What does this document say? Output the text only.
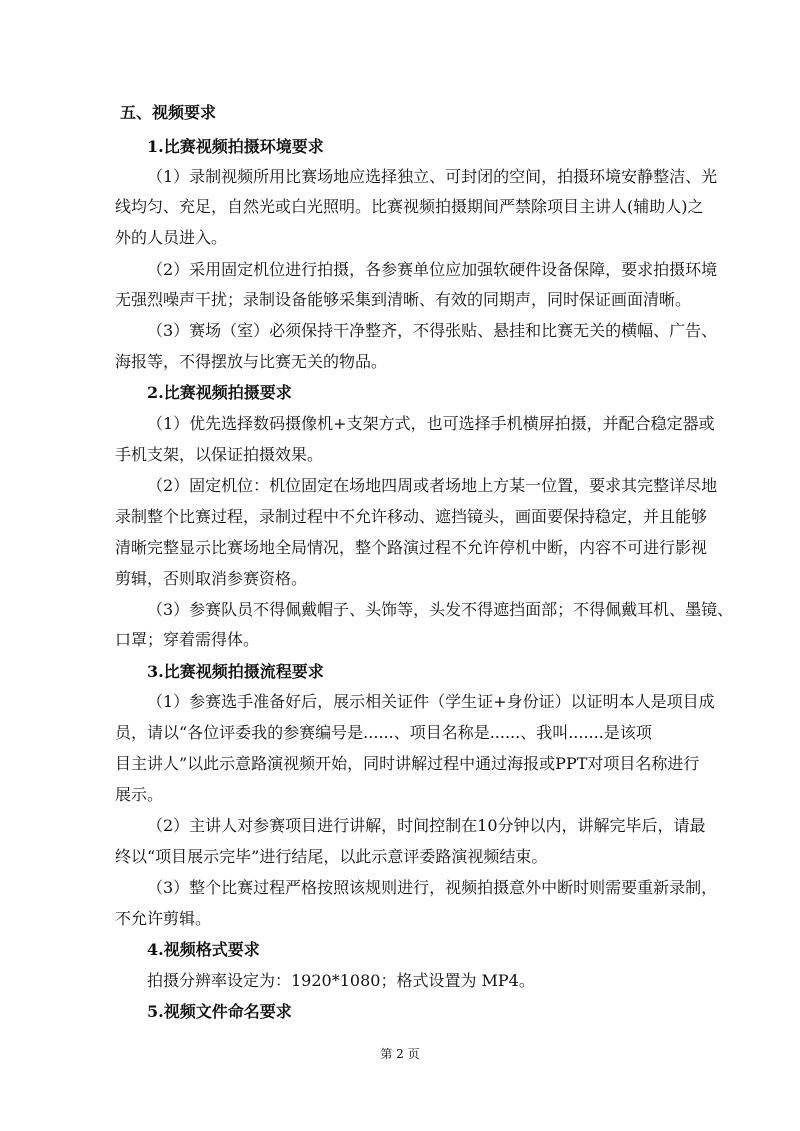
五、视频要求
1.比赛视频拍摄环境要求
（1）录制视频所用比赛场地应选择独立、可封闭的空间，拍摄环境安静整洁、光
线均匀、充足，自然光或白光照明。比赛视频拍摄期间严禁除项目主讲人(辅助人)之
外的人员进入。
（2）采用固定机位进行拍摄，各参赛单位应加强软硬件设备保障，要求拍摄环境
无强烈噪声干扰；录制设备能够采集到清晰、有效的同期声，同时保证画面清晰。
（3）赛场（室）必须保持干净整齐，不得张贴、悬挂和比赛无关的横幅、广告、
海报等，不得摆放与比赛无关的物品。
2.比赛视频拍摄要求
（1）优先选择数码摄像机+支架方式，也可选择手机横屏拍摄，并配合稳定器或
手机支架，以保证拍摄效果。
（2）固定机位：机位固定在场地四周或者场地上方某一位置，要求其完整详尽地
录制整个比赛过程，录制过程中不允许移动、遮挡镜头，画面要保持稳定，并且能够
清晰完整显示比赛场地全局情况，整个路演过程不允许停机中断，内容不可进行影视
剪辑，否则取消参赛资格。
（3）参赛队员不得佩戴帽子、头饰等，头发不得遮挡面部；不得佩戴耳机、墨镜、
口罩；穿着需得体。
3.比赛视频拍摄流程要求
（1）参赛选手准备好后，展示相关证件（学生证+身份证）以证明本人是项目成
员，请以“各位评委我的参赛编号是......、项目名称是......、我叫.......是该项
目主讲人”以此示意路演视频开始，同时讲解过程中通过海报或PPT对项目名称进行
展示。
（2）主讲人对参赛项目进行讲解，时间控制在10分钟以内，讲解完毕后，请最
终以“项目展示完毕”进行结尾，以此示意评委路演视频结束。
（3）整个比赛过程严格按照该规则进行，视频拍摄意外中断时则需要重新录制，
不允许剪辑。
4.视频格式要求
拍摄分辨率设定为：1920*1080；格式设置为 MP4。
5.视频文件命名要求
第 2 页
